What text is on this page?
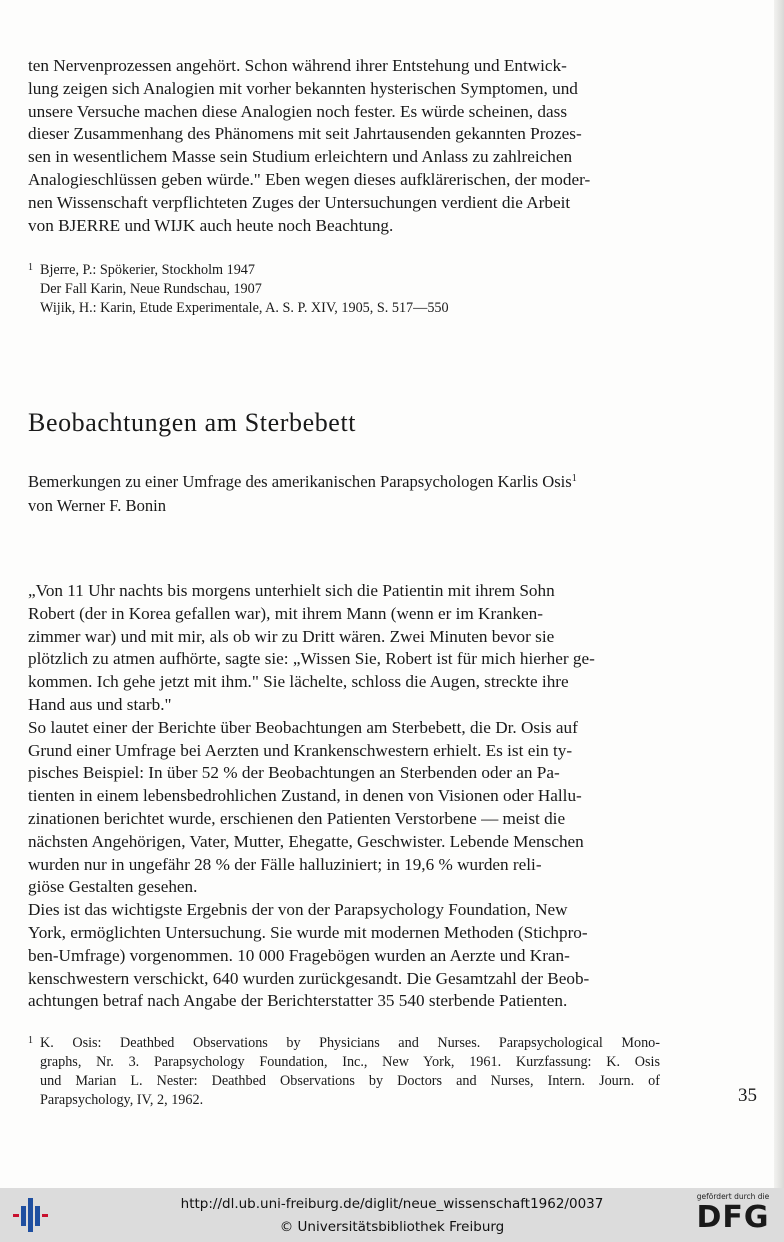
ten Nervenprozessen angehört. Schon während ihrer Entstehung und Entwick-
lung zeigen sich Analogien mit vorher bekannten hysterischen Symptomen, und
unsere Versuche machen diese Analogien noch fester. Es würde scheinen, dass
dieser Zusammenhang des Phänomens mit seit Jahrtausenden gekannten Prozes-
sen in wesentlichem Masse sein Studium erleichtern und Anlass zu zahlreichen
Analogieschlüssen geben würde." Eben wegen dieses aufklärerischen, der moder-
nen Wissenschaft verpflichteten Zuges der Untersuchungen verdient die Arbeit
von BJERRE und WIJK auch heute noch Beachtung.
1 Bjerre, P.: Spökerier, Stockholm 1947
Der Fall Karin, Neue Rundschau, 1907
Wijik, H.: Karin, Etude Experimentale, A. S. P. XIV, 1905, S. 517—550
Beobachtungen am Sterbebett
Bemerkungen zu einer Umfrage des amerikanischen Parapsychologen Karlis Osis$^1$
von Werner F. Bonin
„Von 11 Uhr nachts bis morgens unterhielt sich die Patientin mit ihrem Sohn
Robert (der in Korea gefallen war), mit ihrem Mann (wenn er im Kranken-
zimmer war) und mit mir, als ob wir zu Dritt wären. Zwei Minuten bevor sie
plötzlich zu atmen aufhörte, sagte sie: „Wissen Sie, Robert ist für mich hierher ge-
kommen. Ich gehe jetzt mit ihm." Sie lächelte, schloss die Augen, streckte ihre
Hand aus und starb."
So lautet einer der Berichte über Beobachtungen am Sterbebett, die Dr. Osis auf
Grund einer Umfrage bei Aerzten und Krankenschwestern erhielt. Es ist ein ty-
pisches Beispiel: In über 52 % der Beobachtungen an Sterbenden oder an Pa-
tienten in einem lebensbedrohlichen Zustand, in denen von Visionen oder Hallu-
zinationen berichtet wurde, erschienen den Patienten Verstorbene — meist die
nächsten Angehörigen, Vater, Mutter, Ehegatte, Geschwister. Lebende Menschen
wurden nur in ungefähr 28 % der Fälle halluziniert; in 19,6 % wurden reli-
giöse Gestalten gesehen.
Dies ist das wichtigste Ergebnis der von der Parapsychology Foundation, New
York, ermöglichten Untersuchung. Sie wurde mit modernen Methoden (Stichpro-
ben-Umfrage) vorgenommen. 10 000 Fragebögen wurden an Aerzte und Kran-
kenschwestern verschickt, 640 wurden zurückgesandt. Die Gesamtzahl der Beob-
achtungen betraf nach Angabe der Berichterstatter 35 540 sterbende Patienten.
1 K. Osis: Deathbed Observations by Physicians and Nurses. Parapsychological Mono-
graphs, Nr. 3. Parapsychology Foundation, Inc., New York, 1961. Kurzfassung: K. Osis
und Marian L. Nester: Deathbed Observations by Doctors and Nurses, Intern. Journ. of
Parapsychology, IV, 2, 1962.	35
http://dl.ub.uni-freiburg.de/diglit/neue_wissenschaft1962/0037
© Universitätsbibliothek Freiburg
gefördert durch die
DFG
